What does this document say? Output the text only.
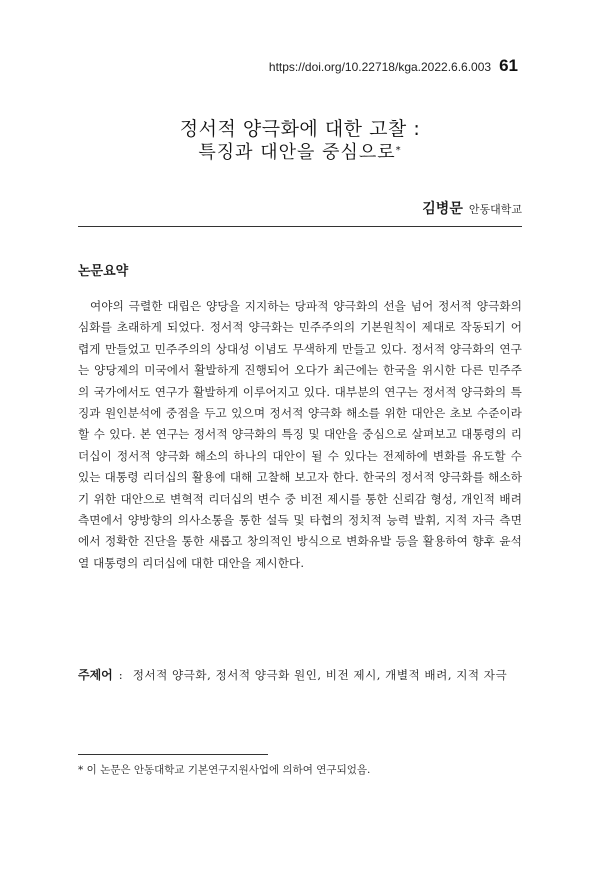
https://doi.org/10.22718/kga.2022.6.6.003 61
정서적 양극화에 대한 고찰 :
특징과 대안을 중심으로*
김병문 안동대학교
논문요약

여야의 극렬한 대립은 양당을 지지하는 당파적 양극화의 선을 넘어 정서적 양극화의 심화를 초래하게 되었다. 정서적 양극화는 민주주의의 기본원칙이 제대로 작동되기 어렵게 만들었고 민주주의의 상대성 이념도 무색하게 만들고 있다. 정서적 양극화의 연구는 양당제의 미국에서 활발하게 진행되어 오다가 최근에는 한국을 위시한 다른 민주주의 국가에서도 연구가 활발하게 이루어지고 있다. 대부분의 연구는 정서적 양극화의 특징과 원인분석에 중점을 두고 있으며 정서적 양극화 해소를 위한 대안은 초보 수준이라 할 수 있다. 본 연구는 정서적 양극화의 특징 및 대안을 중심으로 살펴보고 대통령의 리더십이 정서적 양극화 해소의 하나의 대안이 될 수 있다는 전제하에 변화를 유도할 수 있는 대통령 리더십의 활용에 대해 고찰해 보고자 한다. 한국의 정서적 양극화를 해소하기 위한 대안으로 변혁적 리더십의 변수 중 비전 제시를 통한 신뢰감 형성, 개인적 배려 측면에서 양방향의 의사소통을 통한 설득 및 타협의 정치적 능력 발휘, 지적 자극 측면에서 정확한 진단을 통한 새롭고 창의적인 방식으로 변화유발 등을 활용하여 향후 윤석열 대통령의 리더십에 대한 대안을 제시한다.

주제어 : 정서적 양극화, 정서적 양극화 원인, 비전 제시, 개별적 배려, 지적 자극
* 이 논문은 안동대학교 기본연구지원사업에 의하여 연구되었음.
